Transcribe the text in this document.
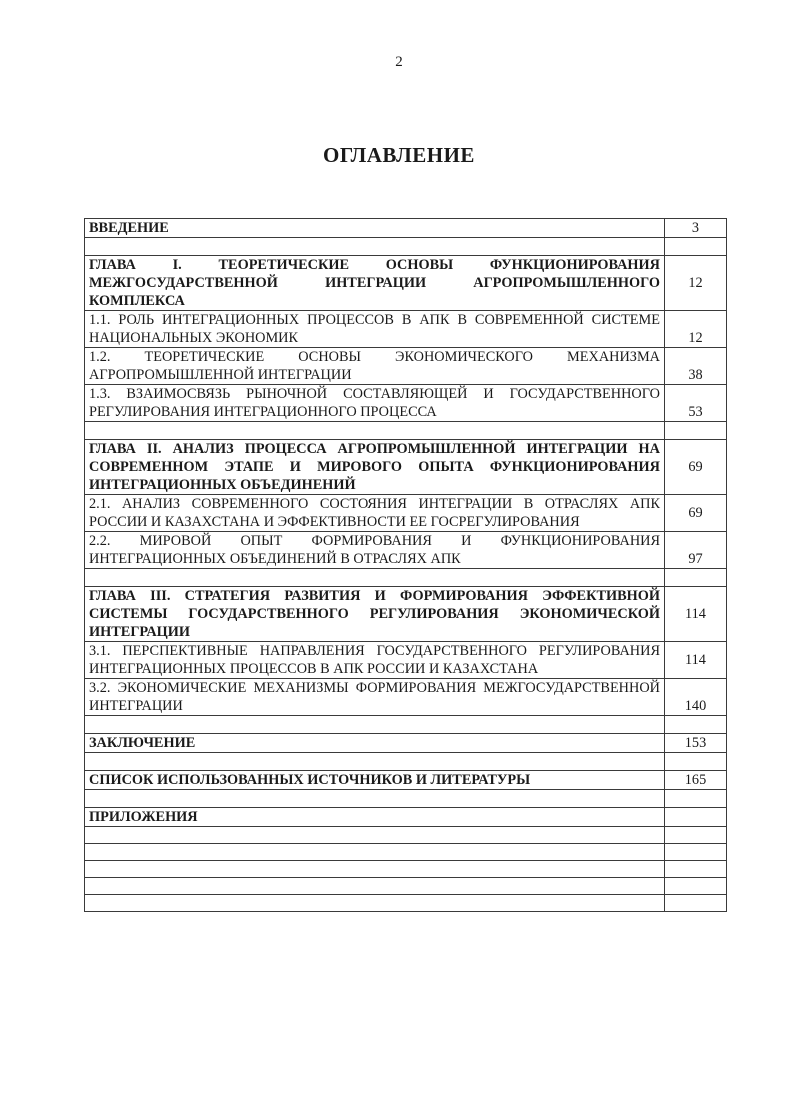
2
ОГЛАВЛЕНИЕ
ВВЕДЕНИЕ	3

ГЛАВА I. ТЕОРЕТИЧЕСКИЕ ОСНОВЫ ФУНКЦИОНИРОВАНИЯ МЕЖГОСУДАРСТВЕННОЙ ИНТЕГРАЦИИ АГРОПРОМЫШЛЕННОГО КОМПЛЕКСА	12
1.1. РОЛЬ ИНТЕГРАЦИОННЫХ ПРОЦЕССОВ В АПК В СОВРЕМЕННОЙ СИСТЕМЕ НАЦИОНАЛЬНЫХ ЭКОНОМИК	12
1.2. ТЕОРЕТИЧЕСКИЕ ОСНОВЫ ЭКОНОМИЧЕСКОГО МЕХАНИЗМА АГРОПРОМЫШЛЕННОЙ ИНТЕГРАЦИИ	38
1.3. ВЗАИМОСВЯЗЬ РЫНОЧНОЙ СОСТАВЛЯЮЩЕЙ И ГОСУДАРСТВЕННОГО РЕГУЛИРОВАНИЯ ИНТЕГРАЦИОННОГО ПРОЦЕССА	53

ГЛАВА II. АНАЛИЗ ПРОЦЕССА АГРОПРОМЫШЛЕННОЙ ИНТЕГРАЦИИ НА СОВРЕМЕННОМ ЭТАПЕ И МИРОВОГО ОПЫТА ФУНКЦИОНИРОВАНИЯ ИНТЕГРАЦИОННЫХ ОБЪЕДИНЕНИЙ	69
2.1. АНАЛИЗ СОВРЕМЕННОГО СОСТОЯНИЯ ИНТЕГРАЦИИ В ОТРАСЛЯХ АПК РОССИИ И КАЗАХСТАНА И ЭФФЕКТИВНОСТИ ЕЕ ГОСРЕГУЛИРОВАНИЯ	69
2.2. МИРОВОЙ ОПЫТ ФОРМИРОВАНИЯ И ФУНКЦИОНИРОВАНИЯ ИНТЕГРАЦИОННЫХ ОБЪЕДИНЕНИЙ В ОТРАСЛЯХ АПК	97

ГЛАВА III. СТРАТЕГИЯ РАЗВИТИЯ И ФОРМИРОВАНИЯ ЭФФЕКТИВНОЙ СИСТЕМЫ ГОСУДАРСТВЕННОГО РЕГУЛИРОВАНИЯ ЭКОНОМИЧЕСКОЙ ИНТЕГРАЦИИ	114
3.1. ПЕРСПЕКТИВНЫЕ НАПРАВЛЕНИЯ ГОСУДАРСТВЕННОГО РЕГУЛИРОВАНИЯ ИНТЕГРАЦИОННЫХ ПРОЦЕССОВ В АПК РОССИИ И КАЗАХСТАНА	114
3.2. ЭКОНОМИЧЕСКИЕ МЕХАНИЗМЫ ФОРМИРОВАНИЯ МЕЖГОСУДАРСТВЕННОЙ ИНТЕГРАЦИИ	140

ЗАКЛЮЧЕНИЕ	153

СПИСОК ИСПОЛЬЗОВАННЫХ ИСТОЧНИКОВ И ЛИТЕРАТУРЫ	165

ПРИЛОЖЕНИЯ	
